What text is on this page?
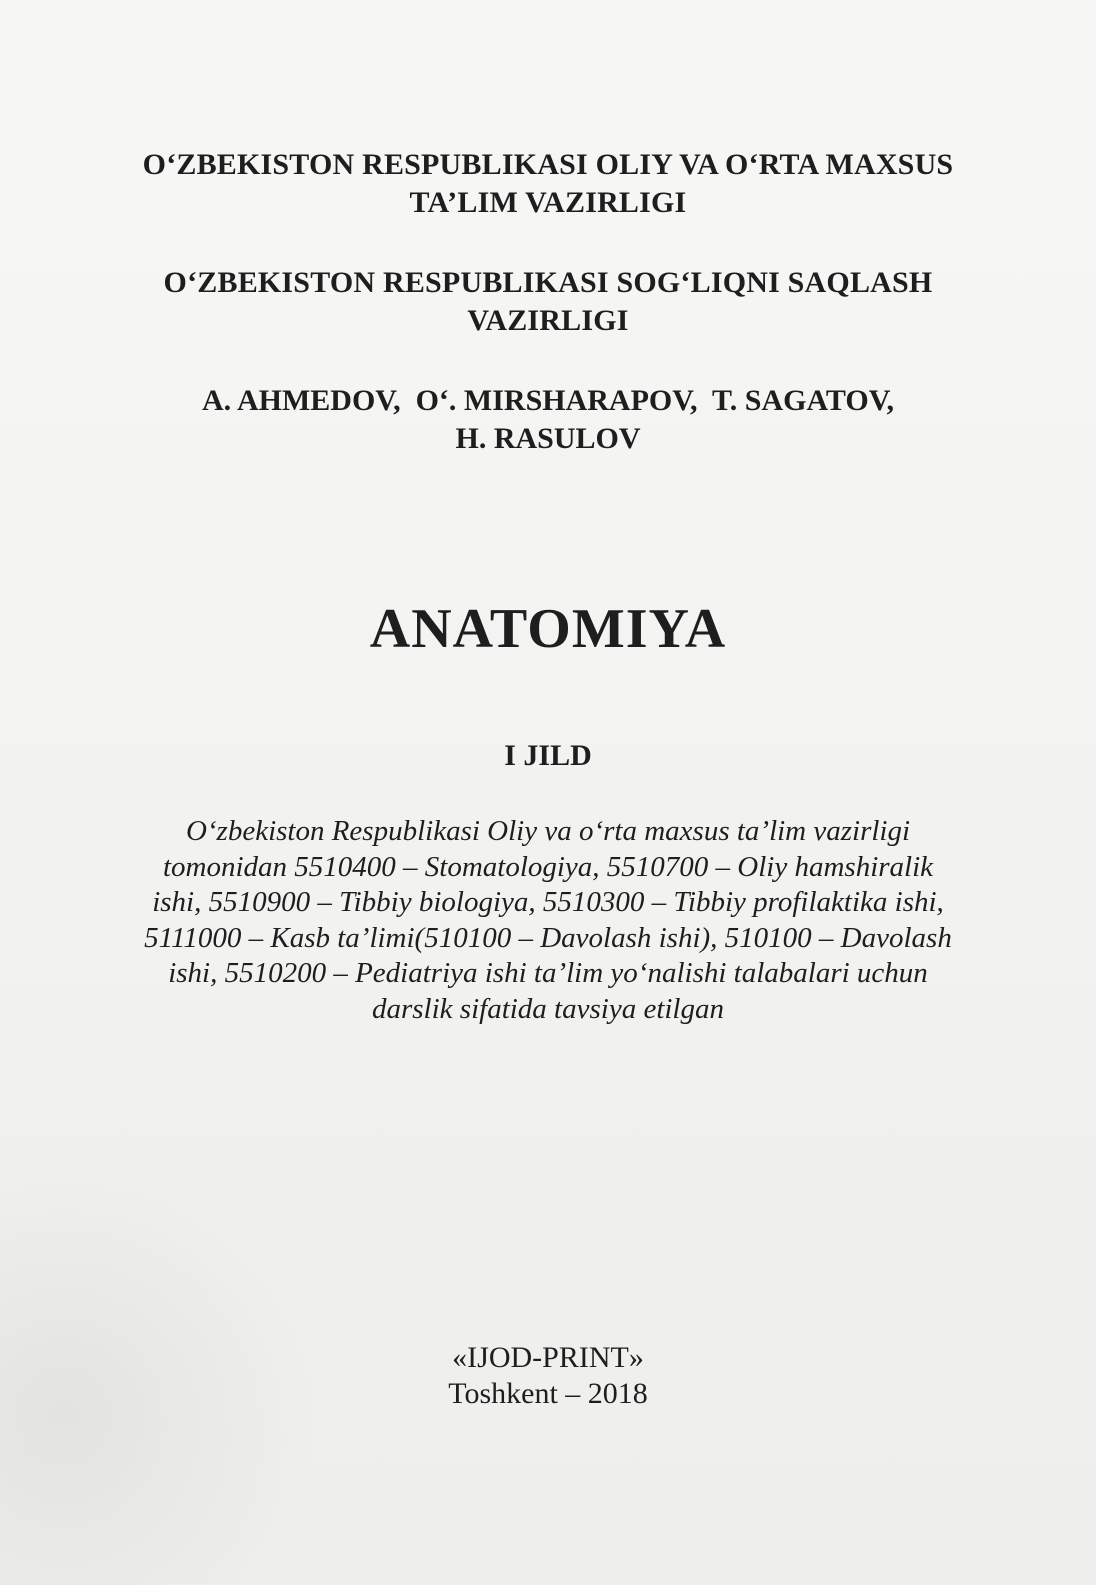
O‘ZBEKISTON RESPUBLIKASI OLIY VA O‘RTA MAXSUS
TA’LIM VAZIRLIGI
O‘ZBEKISTON RESPUBLIKASI SOG‘LIQNI SAQLASH
VAZIRLIGI
A. AHMEDOV,  O‘. MIRSHARAPOV,  T. SAGATOV,
H. RASULOV
ANATOMIYA
I JILD
O‘zbekiston Respublikasi Oliy va o‘rta maxsus ta’lim vazirligi
tomonidan 5510400 – Stomatologiya, 5510700 – Oliy hamshiralik
ishi, 5510900 – Tibbiy biologiya, 5510300 – Tibbiy profilaktika ishi,
5111000 – Kasb ta’limi(510100 – Davolash ishi), 510100 – Davolash
ishi, 5510200 – Pediatriya ishi ta’lim yo‘nalishi talabalari uchun
darslik sifatida tavsiya etilgan
«IJOD-PRINT»
Toshkent – 2018
